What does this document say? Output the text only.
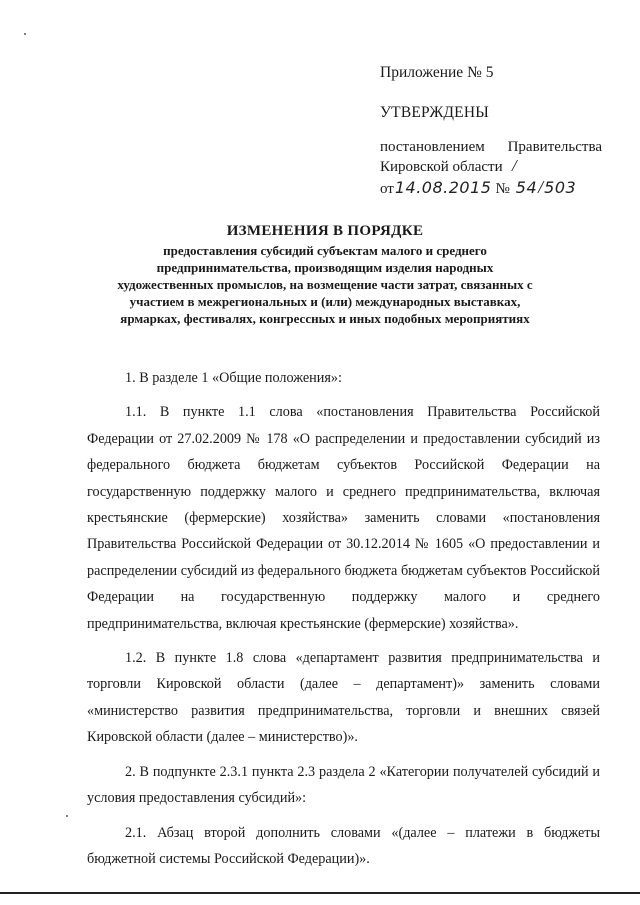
Приложение № 5
УТВЕРЖДЕНЫ
постановлением Правительства
Кировской области /
от 14.08.2015 № 54 / 503
ИЗМЕНЕНИЯ В ПОРЯДКЕ
предоставления субсидий субъектам малого и среднего предпринимательства, производящим изделия народных художественных промыслов, на возмещение части затрат, связанных с участием в межрегиональных и (или) международных выставках, ярмарках, фестивалях, конгрессных и иных подобных мероприятиях

1. В разделе 1 «Общие положения»:

1.1. В пункте 1.1 слова «постановления Правительства Российской Федерации от 27.02.2009 № 178 «О распределении и предоставлении субсидий из федерального бюджета бюджетам субъектов Российской Федерации на государственную поддержку малого и среднего предпринимательства, включая крестьянские (фермерские) хозяйства» заменить словами «постановления Правительства Российской Федерации от 30.12.2014 № 1605 «О предоставлении и распределении субсидий из федерального бюджета бюджетам субъектов Российской Федерации на государственную поддержку малого и среднего предпринимательства, включая крестьянские (фермерские) хозяйства».

1.2. В пункте 1.8 слова «департамент развития предпринимательства и торговли Кировской области (далее – департамент)» заменить словами «министерство развития предпринимательства, торговли и внешних связей Кировской области (далее – министерство)».

2. В подпункте 2.3.1 пункта 2.3 раздела 2 «Категории получателей субсидий и условия предоставления субсидий»:

2.1. Абзац второй дополнить словами «(далее – платежи в бюджеты бюджетной системы Российской Федерации)».
